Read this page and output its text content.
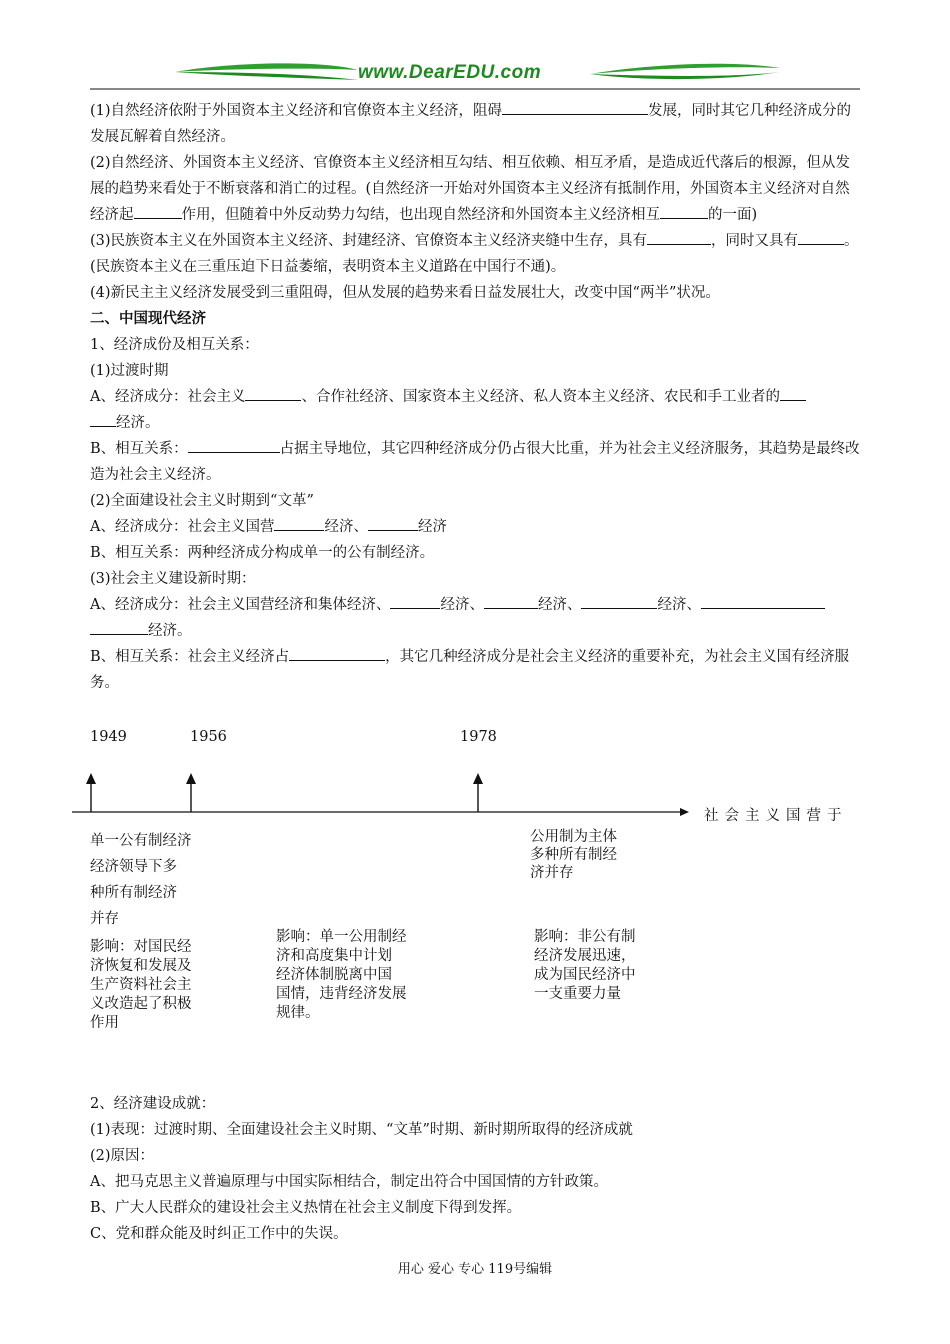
www.DearEDU.com

(1)自然经济依附于外国资本主义经济和官僚资本主义经济，阻碍	发展，同时其它几种经济成分的发展瓦解着自然经济。

(2)自然经济、外国资本主义经济、官僚资本主义经济相互勾结、相互依赖、相互矛盾，是造成近代落后的根源，但从发展的趋势来看处于不断衰落和消亡的过程。(自然经济一开始对外国资本主义经济有抵制作用，外国资本主义经济对自然经济起	作用，但随着中外反动势力勾结，也出现自然经济和外国资本主义经济相互	的一面)

(3)民族资本主义在外国资本主义经济、封建经济、官僚资本主义经济夹缝中生存，具有	，同时又具有	。(民族资本主义在三重压迫下日益萎缩，表明资本主义道路在中国行不通)。

(4)新民主主义经济发展受到三重阻碍，但从发展的趋势来看日益发展壮大，改变中国“两半”状况。

二、中国现代经济

1、经济成份及相互关系：

(1)过渡时期

A、经济成分：社会主义	、合作社经济、国家资本主义经济、私人资本主义经济、农民和手工业者的
经济。

B、相互关系：	占据主导地位，其它四种经济成分仍占很大比重，并为社会主义经济服务，其趋势是最终改造为社会主义经济。

(2)全面建设社会主义时期到“文革”

A、经济成分：社会主义国营	经济、	经济

B、相互关系：两种经济成分构成单一的公有制经济。

(3)社会主义建设新时期：

A、经济成分：社会主义国营经济和集体经济、	经济、	经济、	经济、
经济。

B、相互关系：社会主义经济占	，其它几种经济成分是社会主义经济的重要补充，为社会主义国有经济服务。

1949	1956	1978
社会主义国营于
单一公有制经济
经济领导下多
种所有制经济
并存
影响：对国民经
济恢复和发展及
生产资料社会主
义改造起了积极
作用
影响：单一公用制经
济和高度集中计划
经济体制脱离中国
国情，违背经济发展
规律。
公用制为主体
多种所有制经
济并存
影响：非公有制
经济发展迅速，
成为国民经济中
一支重要力量

2、经济建设成就：

(1)表现：过渡时期、全面建设社会主义时期、“文革”时期、新时期所取得的经济成就

(2)原因：

A、把马克思主义普遍原理与中国实际相结合，制定出符合中国国情的方针政策。

B、广大人民群众的建设社会主义热情在社会主义制度下得到发挥。

C、党和群众能及时纠正工作中的失误。

用心 爱心 专心 119号编辑
